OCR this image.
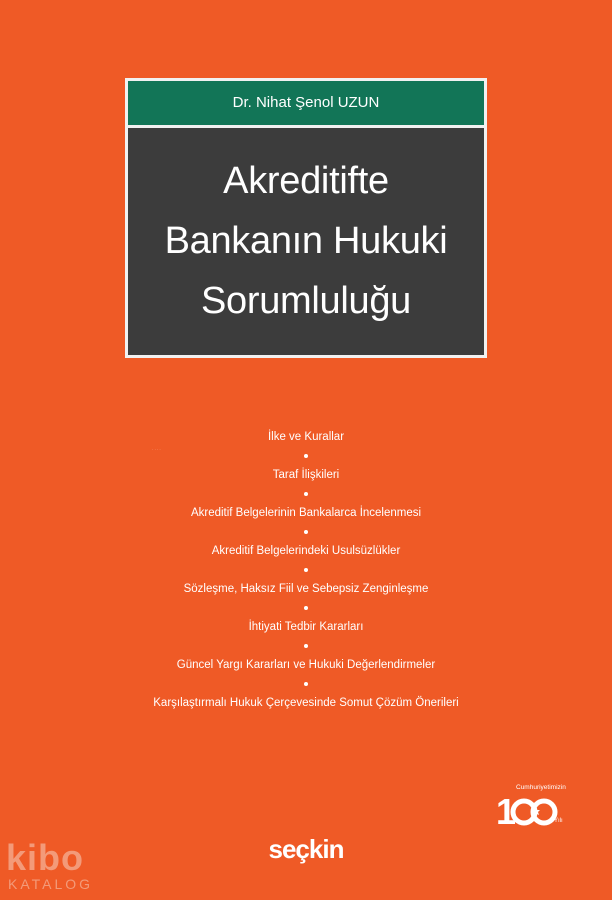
Dr. Nihat Şenol UZUN
Akreditifte
Bankanın Hukuki
Sorumluluğu
· · · ·
İlke ve Kurallar
Taraf İlişkileri
Akreditif Belgelerinin Bankalarca İncelenmesi
Akreditif Belgelerindeki Usulsüzlükler
Sözleşme, Haksız Fiil ve Sebepsiz Zenginleşme
İhtiyati Tedbir Kararları
Güncel Yargı Kararları ve Hukuki Değerlendirmeler
Karşılaştırmalı Hukuk Çerçevesinde Somut Çözüm Önerileri
Cumhuriyetimizin
1	Yılı
seçkin
kibo
KATALOG
